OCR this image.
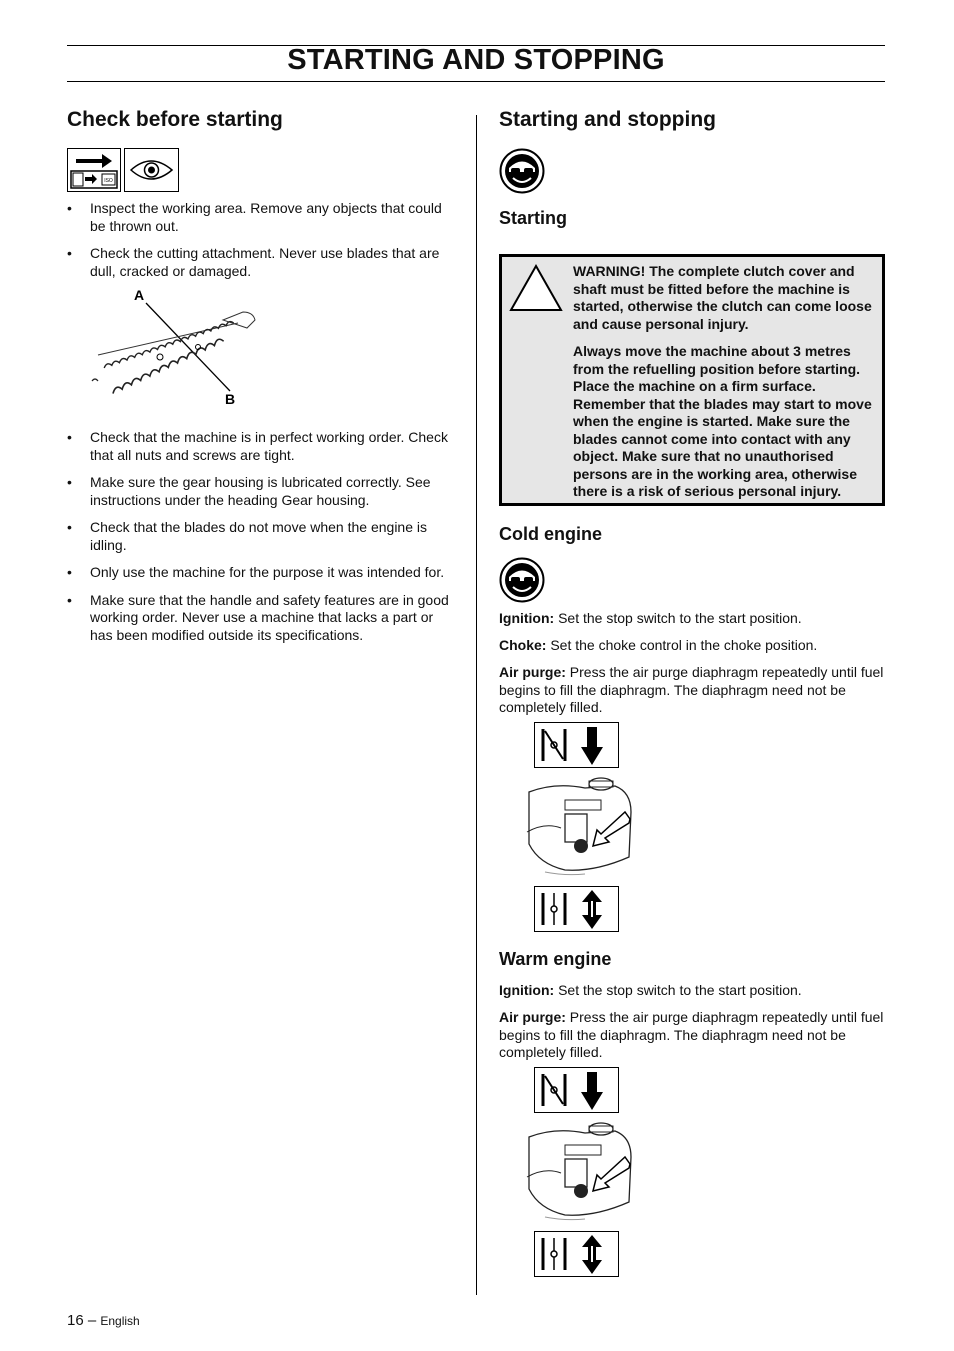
STARTING AND STOPPING
Check before starting
ISO
• Inspect the working area. Remove any objects that could be thrown out.
• Check the cutting attachment. Never use blades that are dull, cracked or damaged.
A
B
• Check that the machine is in perfect working order. Check that all nuts and screws are tight.
• Make sure the gear housing is lubricated correctly. See instructions under the heading Gear housing.
• Check that the blades do not move when the engine is idling.
• Only use the machine for the purpose it was intended for.
• Make sure that the handle and safety features are in good working order. Never use a machine that lacks a part or has been modified outside its specifications.
Starting and stopping
Starting

WARNING! The complete clutch cover and shaft must be fitted before the machine is started, otherwise the clutch can come loose and cause personal injury.

Always move the machine about 3 metres from the refuelling position before starting. Place the machine on a firm surface. Remember that the blades may start to move when the engine is started. Make sure the blades cannot come into contact with any object. Make sure that no unauthorised persons are in the working area, otherwise there is a risk of serious personal injury.

Cold engine

Ignition: Set the stop switch to the start position.

Choke: Set the choke control in the choke position.

Air purge: Press the air purge diaphragm repeatedly until fuel begins to fill the diaphragm. The diaphragm need not be completely filled.

Warm engine

Ignition: Set the stop switch to the start position.

Air purge: Press the air purge diaphragm repeatedly until fuel begins to fill the diaphragm. The diaphragm need not be completely filled.

16 – English
